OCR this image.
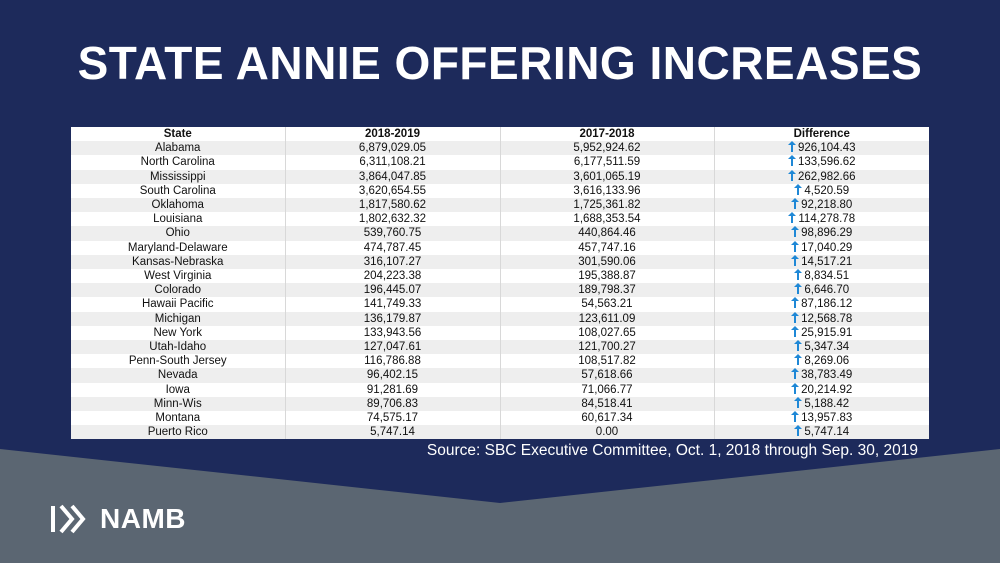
STATE ANNIE OFFERING INCREASES
State	2018-2019	2017-2018	Difference
Alabama	6,879,029.05	5,952,924.62	926,104.43
North Carolina	6,311,108.21	6,177,511.59	133,596.62
Mississippi	3,864,047.85	3,601,065.19	262,982.66
South Carolina	3,620,654.55	3,616,133.96	4,520.59
Oklahoma	1,817,580.62	1,725,361.82	92,218.80
Louisiana	1,802,632.32	1,688,353.54	114,278.78
Ohio	539,760.75	440,864.46	98,896.29
Maryland-Delaware	474,787.45	457,747.16	17,040.29
Kansas-Nebraska	316,107.27	301,590.06	14,517.21
West Virginia	204,223.38	195,388.87	8,834.51
Colorado	196,445.07	189,798.37	6,646.70
Hawaii Pacific	141,749.33	54,563.21	87,186.12
Michigan	136,179.87	123,611.09	12,568.78
New York	133,943.56	108,027.65	25,915.91
Utah-Idaho	127,047.61	121,700.27	5,347.34
Penn-South Jersey	116,786.88	108,517.82	8,269.06
Nevada	96,402.15	57,618.66	38,783.49
Iowa	91,281.69	71,066.77	20,214.92
Minn-Wis	89,706.83	84,518.41	5,188.42
Montana	74,575.17	60,617.34	13,957.83
Puerto Rico	5,747.14	0.00	5,747.14
Source: SBC Executive Committee, Oct. 1, 2018 through Sep. 30, 2019
NAMB
